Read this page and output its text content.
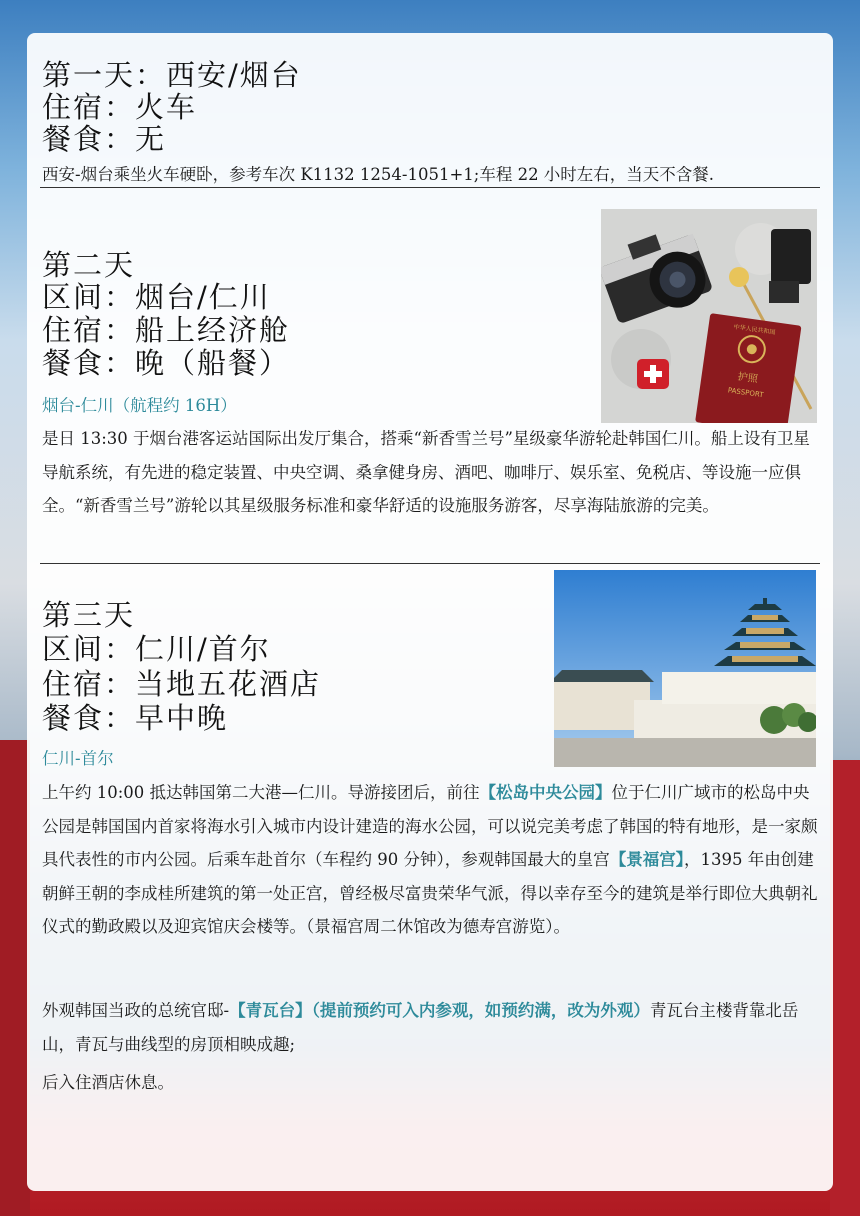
第一天：西安/烟台
住宿：火车
餐食：无
西安-烟台乘坐火车硬卧，参考车次 K1132 1254-1051+1;车程 22 小时左右，当天不含餐.
中华人民共和国
护照
PASSPORT
第二天
区间：烟台/仁川
住宿：船上经济舱
餐食：晚（船餐）
烟台-仁川（航程约 16H）
是日 13:30 于烟台港客运站国际出发厅集合，搭乘“新香雪兰号”星级豪华游轮赴韩国仁川。船上设有卫星导航系统，有先进的稳定装置、中央空调、桑拿健身房、酒吧、咖啡厅、娱乐室、免税店、等设施一应俱全。“新香雪兰号”游轮以其星级服务标准和豪华舒适的设施服务游客，尽享海陆旅游的完美。
第三天
区间：仁川/首尔
住宿：当地五花酒店
餐食：早中晚
仁川-首尔
上午约 10:00 抵达韩国第二大港—仁川。导游接团后，前往【松岛中央公园】位于仁川广域市的松岛中央公园是韩国国内首家将海水引入城市内设计建造的海水公园，可以说完美考虑了韩国的特有地形，是一家颇具代表性的市内公园。后乘车赴首尔（车程约 90 分钟），参观韩国最大的皇宫【景福宫】，1395 年由创建朝鲜王朝的李成桂所建筑的第一处正宫，曾经极尽富贵荣华气派，得以幸存至今的建筑是举行即位大典朝礼仪式的勤政殿以及迎宾馆庆会楼等。（景福宫周二休馆改为德寿宫游览）。
外观韩国当政的总统官邸-【青瓦台】（提前预约可入内参观，如预约满，改为外观）青瓦台主楼背靠北岳山，青瓦与曲线型的房顶相映成趣;
后入住酒店休息。
